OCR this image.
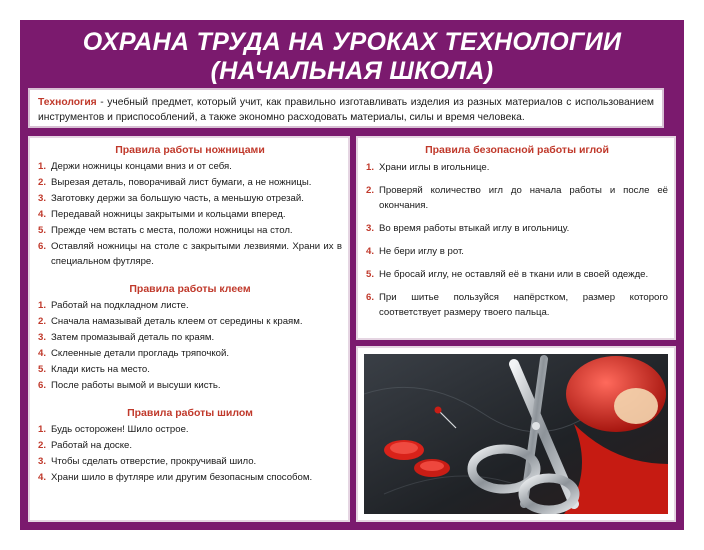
ОХРАНА ТРУДА НА УРОКАХ ТЕХНОЛОГИИ
(НАЧАЛЬНАЯ ШКОЛА)
Технология - учебный предмет, который учит, как правильно изготавливать изделия из разных материалов с использованием инструментов и приспособлений, а также экономно расходовать материалы, силы и время человека.
Правила работы ножницами
1. Держи ножницы концами вниз и от себя.
2. Вырезая деталь, поворачивай лист бумаги, а не ножницы.
3. Заготовку держи за большую часть, а меньшую отрезай.
4. Передавай ножницы закрытыми и кольцами вперед.
5. Прежде чем встать с места, положи ножницы на стол.
6. Оставляй ножницы на столе с закрытыми лезвиями. Храни их в специальном футляре.
Правила работы клеем
1. Работай на подкладном листе.
2. Сначала намазывай деталь клеем от середины к краям.
3. Затем промазывай деталь по краям.
4. Склеенные детали прогладь тряпочкой.
5. Клади кисть на место.
6. После работы вымой и высуши кисть.
Правила работы шилом
1. Будь осторожен! Шило острое.
2. Работай на доске.
3. Чтобы сделать отверстие, прокручивай шило.
4. Храни шило в футляре или другим безопасным способом.
Правила безопасной работы иглой
1. Храни иглы в игольнице.
2. Проверяй количество игл до начала работы и после её окончания.
3. Во время работы втыкай иглу в игольницу.
4. Не бери иглу в рот.
5. Не бросай иглу, не оставляй её в ткани или в своей одежде.
6. При шитье пользуйся напёрстком, размер которого соответствует размеру твоего пальца.
